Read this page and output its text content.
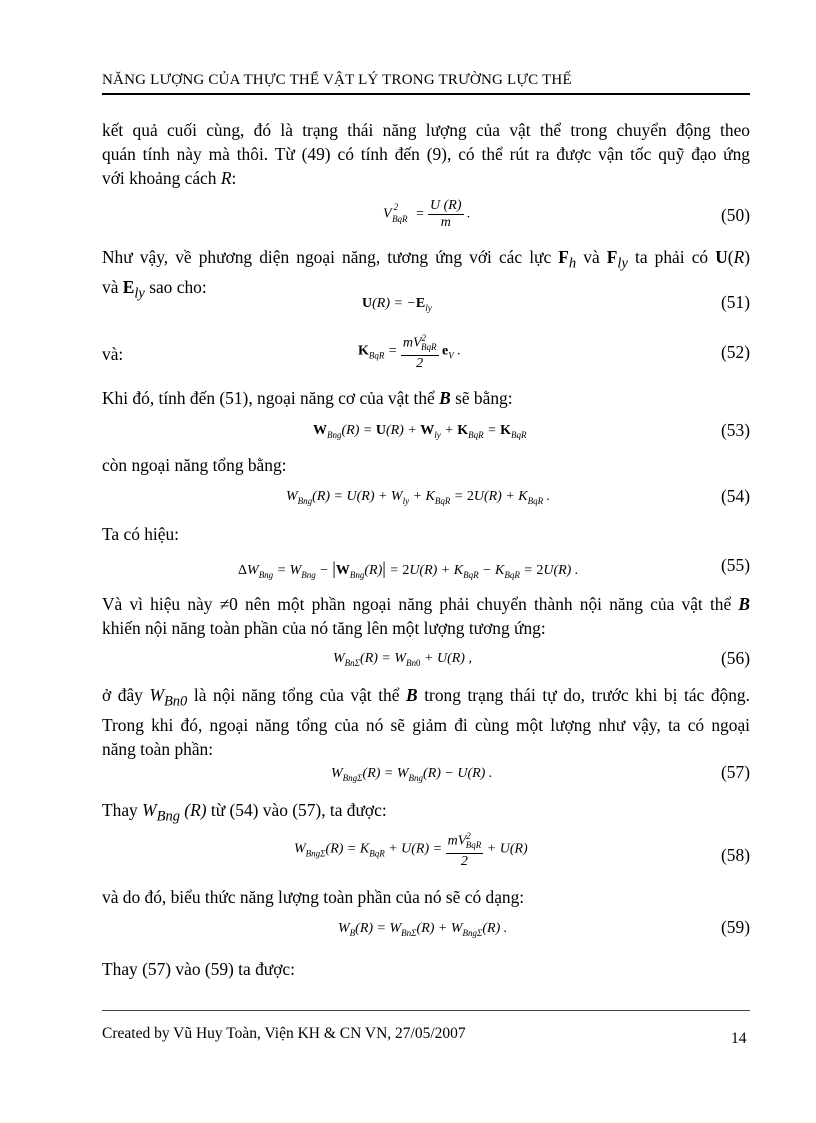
NĂNG LƯỢNG CỦA THỰC THỂ VẬT LÝ TRONG TRƯỜNG LỰC THẾ
kết quả cuối cùng, đó là trạng thái năng lượng của vật thể trong chuyển động theo
quán tính này mà thôi. Từ (49) có tính đến (9), có thể rút ra được vận tốc quỹ đạo ứng
với khoảng cách R:
V $^2_{BqR} = \frac{U (R)}{m}$ .	(50)
Như vậy, về phương diện ngoại năng, tương ứng với các lực $F_h$ và $F_{ly}$ ta phải có U(R)
và $E_{ly}$ sao cho:
$U(R) = -E_{ly}$	(51)
và:	$K_{BqR} = \frac{mV^2_{BqR}}{2} e_V$ .	(52)
Khi đó, tính đến (51), ngoại năng cơ của vật thể B sẽ bằng:
$W_{Bng}(R) = U(R) + W_{ly} + K_{BqR} = K_{BqR}$	(53)
còn ngoại năng tổng bằng:
$W_{Bng}(R) = U(R) + W_{ly} + K_{BqR} = 2U(R) + K_{BqR}$ .	(54)
Ta có hiệu:
$\Delta W_{Bng} = W_{Bng} - |W_{Bng}(R)| = 2U(R) + K_{BqR} - K_{BqR} = 2U(R)$ .	(55)
Và vì hiệu này ≠0 nên một phần ngoại năng phải chuyển thành nội năng của vật thể B
khiến nội năng toàn phần của nó tăng lên một lượng tương ứng:
$W_{Bn\Sigma}(R) = W_{Bn0} + U(R)$ ,	(56)
ở đây $W_{Bn0}$ là nội năng tổng của vật thể B trong trạng thái tự do, trước khi bị tác động.
Trong khi đó, ngoại năng tổng của nó sẽ giảm đi cùng một lượng như vậy, ta có ngoại
năng toàn phần:
$W_{Bng\Sigma}(R) = W_{Bng}(R) - U(R)$ .	(57)
Thay $W_{Bng}$ (R) từ (54) vào (57), ta được:
$W_{Bng\Sigma}(R) = K_{BqR} + U(R) = \frac{mV^2_{BqR}}{2} + U(R)$	(58)
và do đó, biểu thức năng lượng toàn phần của nó sẽ có dạng:
$W_B(R) = W_{Bn\Sigma}(R) + W_{Bng\Sigma}(R)$ .	(59)
Thay (57) vào (59) ta được:
Created by Vũ Huy Toàn, Viện KH & CN VN, 27/05/2007	14
